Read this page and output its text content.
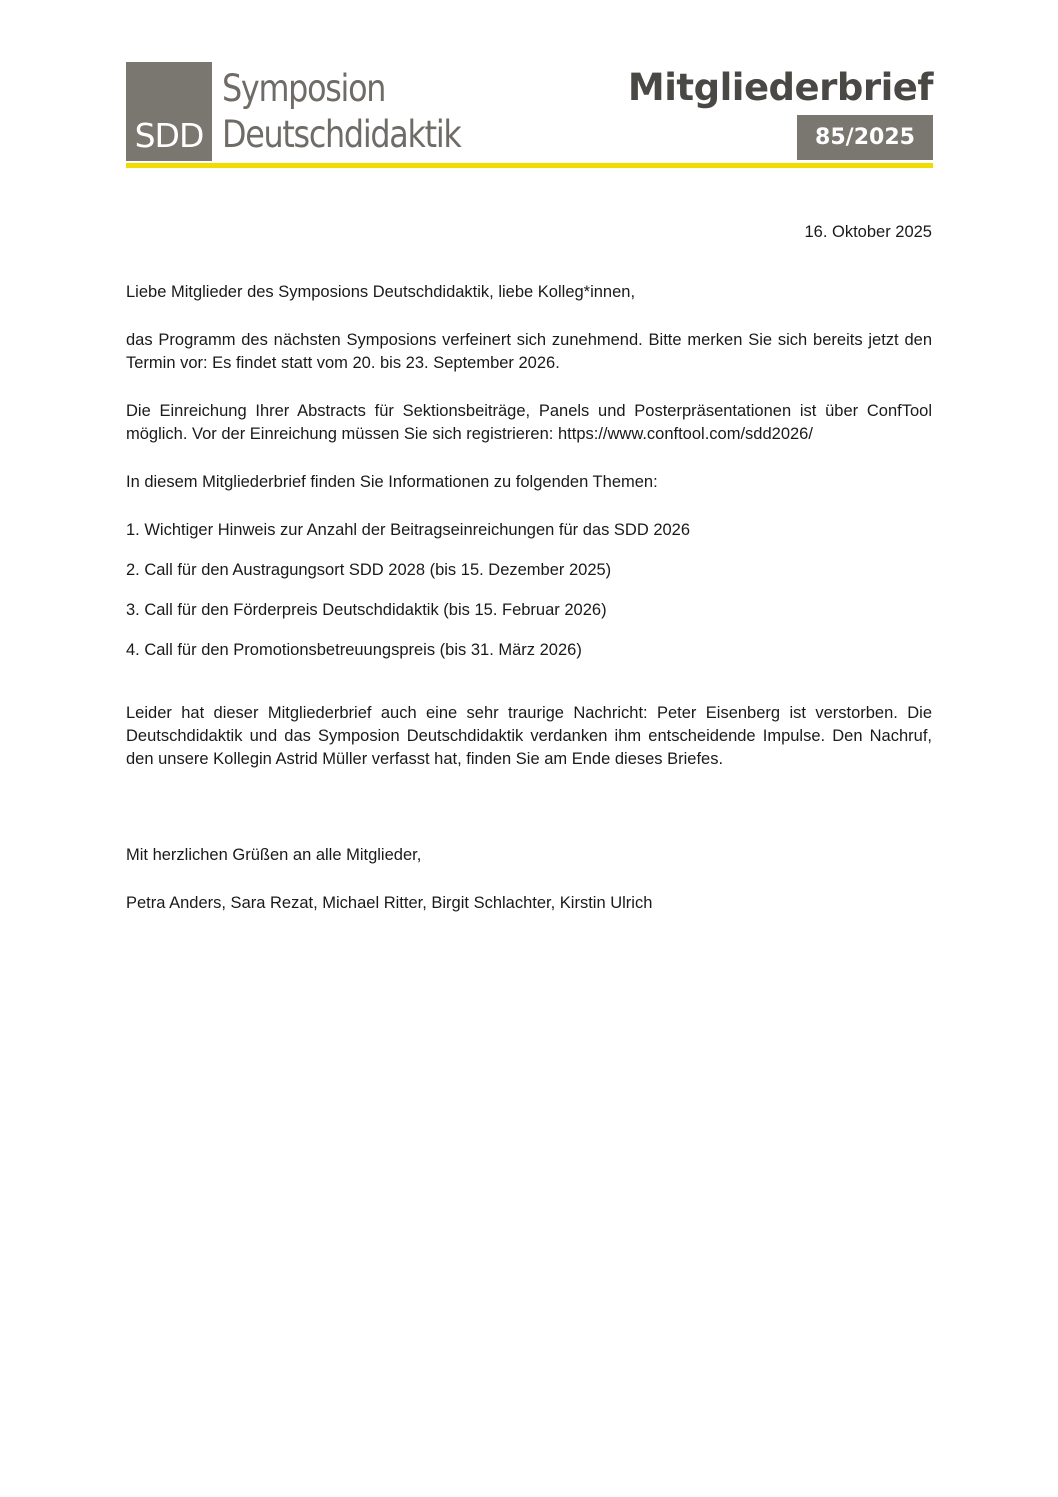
SDD
Symposion
Deutschdidaktik
Mitgliederbrief
85/2025
16. Oktober 2025

Liebe Mitglieder des Symposions Deutschdidaktik, liebe Kolleg*innen,

das Programm des nächsten Symposions verfeinert sich zunehmend. Bitte merken Sie sich bereits jetzt den Termin vor: Es findet statt vom 20. bis 23. September 2026.

Die Einreichung Ihrer Abstracts für Sektionsbeiträge, Panels und Posterpräsentationen ist über ConfTool möglich. Vor der Einreichung müssen Sie sich registrieren: https://www.conftool.com/sdd2026/

In diesem Mitgliederbrief finden Sie Informationen zu folgenden Themen:

1. Wichtiger Hinweis zur Anzahl der Beitragseinreichungen für das SDD 2026
2. Call für den Austragungsort SDD 2028 (bis 15. Dezember 2025)
3. Call für den Förderpreis Deutschdidaktik (bis 15. Februar 2026)
4. Call für den Promotionsbetreuungspreis (bis 31. März 2026)

Leider hat dieser Mitgliederbrief auch eine sehr traurige Nachricht: Peter Eisenberg ist verstorben. Die Deutschdidaktik und das Symposion Deutschdidaktik verdanken ihm entscheidende Impulse. Den Nachruf, den unsere Kollegin Astrid Müller verfasst hat, finden Sie am Ende dieses Briefes.

Mit herzlichen Grüßen an alle Mitglieder,

Petra Anders, Sara Rezat, Michael Ritter, Birgit Schlachter, Kirstin Ulrich
